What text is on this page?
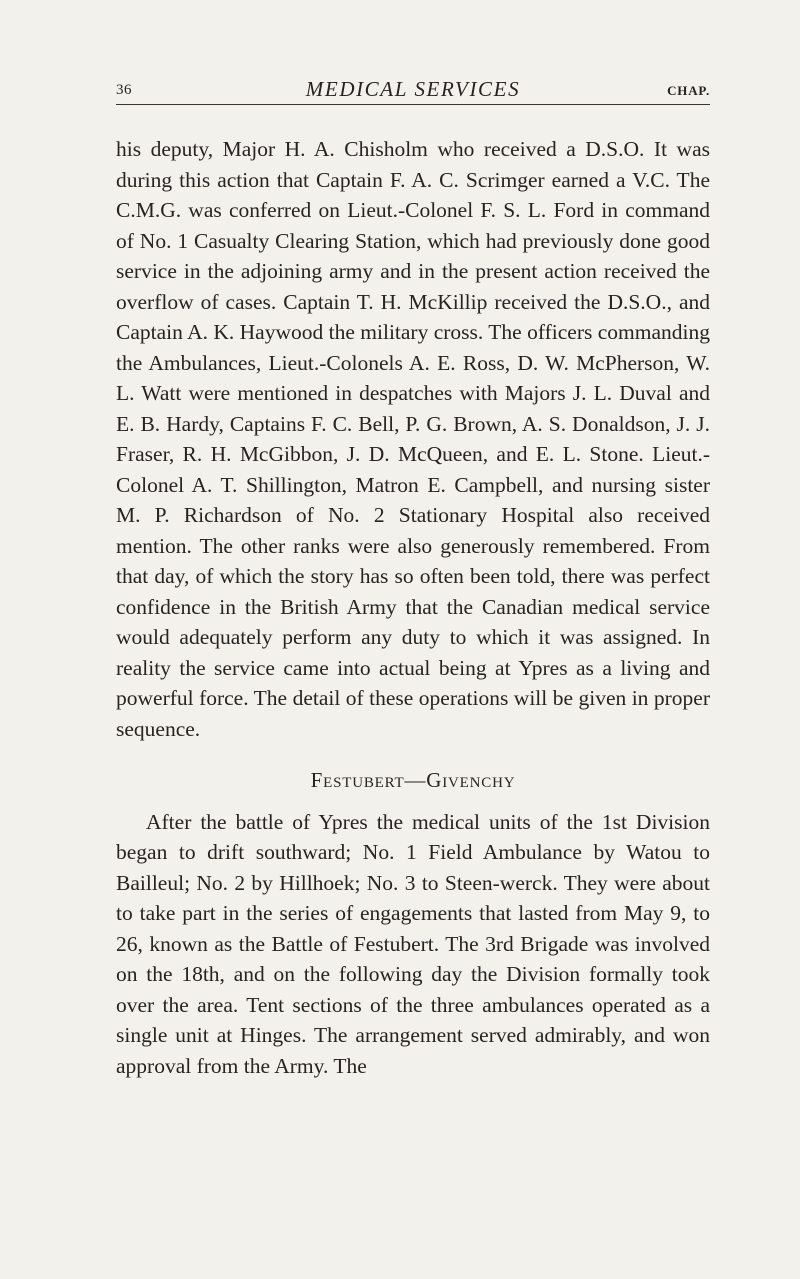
36	MEDICAL SERVICES	CHAP.

his deputy, Major H. A. Chisholm who received a D.S.O. It was during this action that Captain F. A. C. Scrimger earned a V.C. The C.M.G. was conferred on Lieut.-Colonel F. S. L. Ford in command of No. 1 Casualty Clearing Station, which had previously done good service in the adjoining army and in the present action received the overflow of cases. Captain T. H. McKillip received the D.S.O., and Captain A. K. Haywood the military cross. The officers commanding the Ambulances, Lieut.-Colonels A. E. Ross, D. W. McPherson, W. L. Watt were mentioned in despatches with Majors J. L. Duval and E. B. Hardy, Captains F. C. Bell, P. G. Brown, A. S. Donaldson, J. J. Fraser, R. H. McGibbon, J. D. McQueen, and E. L. Stone. Lieut.-Colonel A. T. Shillington, Matron E. Campbell, and nursing sister M. P. Richardson of No. 2 Stationary Hospital also received mention. The other ranks were also generously remembered. From that day, of which the story has so often been told, there was perfect confidence in the British Army that the Canadian medical service would adequately perform any duty to which it was assigned. In reality the service came into actual being at Ypres as a living and powerful force. The detail of these operations will be given in proper sequence.

Festubert—Givenchy

After the battle of Ypres the medical units of the 1st Division began to drift southward; No. 1 Field Ambulance by Watou to Bailleul; No. 2 by Hillhoek; No. 3 to Steen-werck. They were about to take part in the series of engagements that lasted from May 9, to 26, known as the Battle of Festubert. The 3rd Brigade was involved on the 18th, and on the following day the Division formally took over the area. Tent sections of the three ambulances operated as a single unit at Hinges. The arrangement served admirably, and won approval from the Army. The
